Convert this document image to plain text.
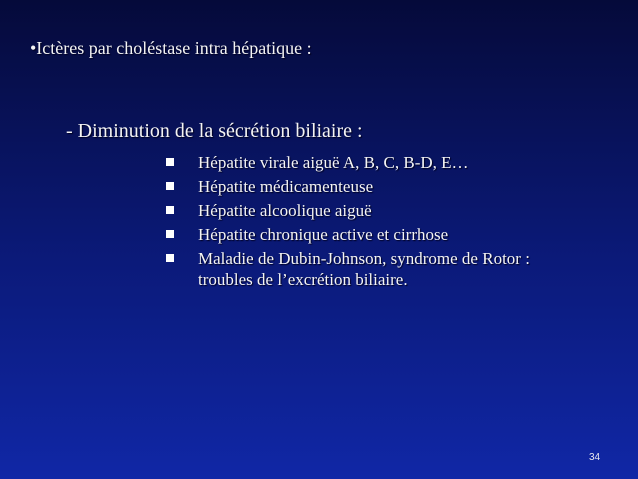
•Ictères par choléstase intra hépatique :
- Diminution de la sécrétion biliaire :
Hépatite virale aiguë A, B, C, B-D, E…
Hépatite médicamenteuse
Hépatite alcoolique aiguë
Hépatite chronique active et cirrhose
Maladie de Dubin-Johnson, syndrome de Rotor : troubles de l’excrétion biliaire.
34
